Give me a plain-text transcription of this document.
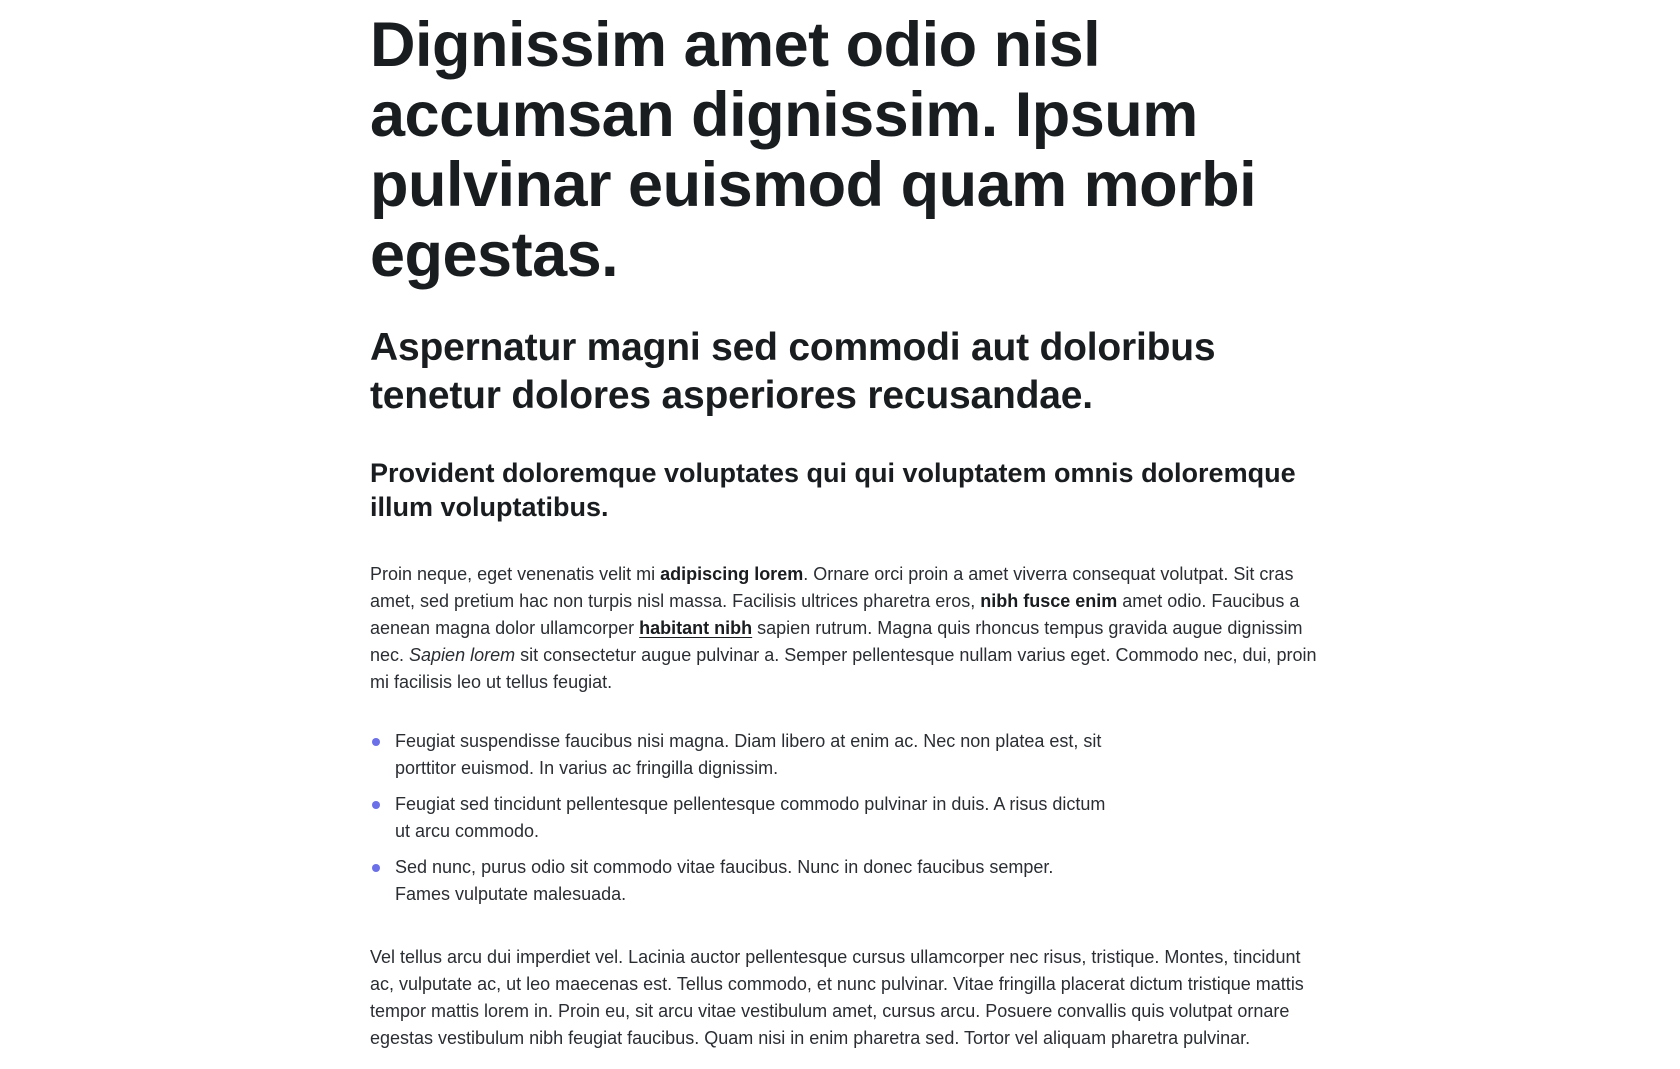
Dignissim amet odio nisl accumsan dignissim. Ipsum pulvinar euismod quam morbi egestas.
Aspernatur magni sed commodi aut doloribus tenetur dolores asperiores recusandae.
Provident doloremque voluptates qui qui voluptatem omnis doloremque illum voluptatibus.

Proin neque, eget venenatis velit mi adipiscing lorem. Ornare orci proin a amet viverra consequat volutpat. Sit cras amet, sed pretium hac non turpis nisl massa. Facilisis ultrices pharetra eros, nibh fusce enim amet odio. Faucibus a aenean magna dolor ullamcorper habitant nibh sapien rutrum. Magna quis rhoncus tempus gravida augue dignissim nec. Sapien lorem sit consectetur augue pulvinar a. Semper pellentesque nullam varius eget. Commodo nec, dui, proin mi facilisis leo ut tellus feugiat.

Feugiat suspendisse faucibus nisi magna. Diam libero at enim ac. Nec non platea est, sit porttitor euismod. In varius ac fringilla dignissim.
Feugiat sed tincidunt pellentesque pellentesque commodo pulvinar in duis. A risus dictum ut arcu commodo.
Sed nunc, purus odio sit commodo vitae faucibus. Nunc in donec faucibus semper. Fames vulputate malesuada.

Vel tellus arcu dui imperdiet vel. Lacinia auctor pellentesque cursus ullamcorper nec risus, tristique. Montes, tincidunt ac, vulputate ac, ut leo maecenas est. Tellus commodo, et nunc pulvinar. Vitae fringilla placerat dictum tristique mattis tempor mattis lorem in. Proin eu, sit arcu vitae vestibulum amet, cursus arcu. Posuere convallis quis volutpat ornare egestas vestibulum nibh feugiat faucibus. Quam nisi in enim pharetra sed. Tortor vel aliquam pharetra pulvinar.
